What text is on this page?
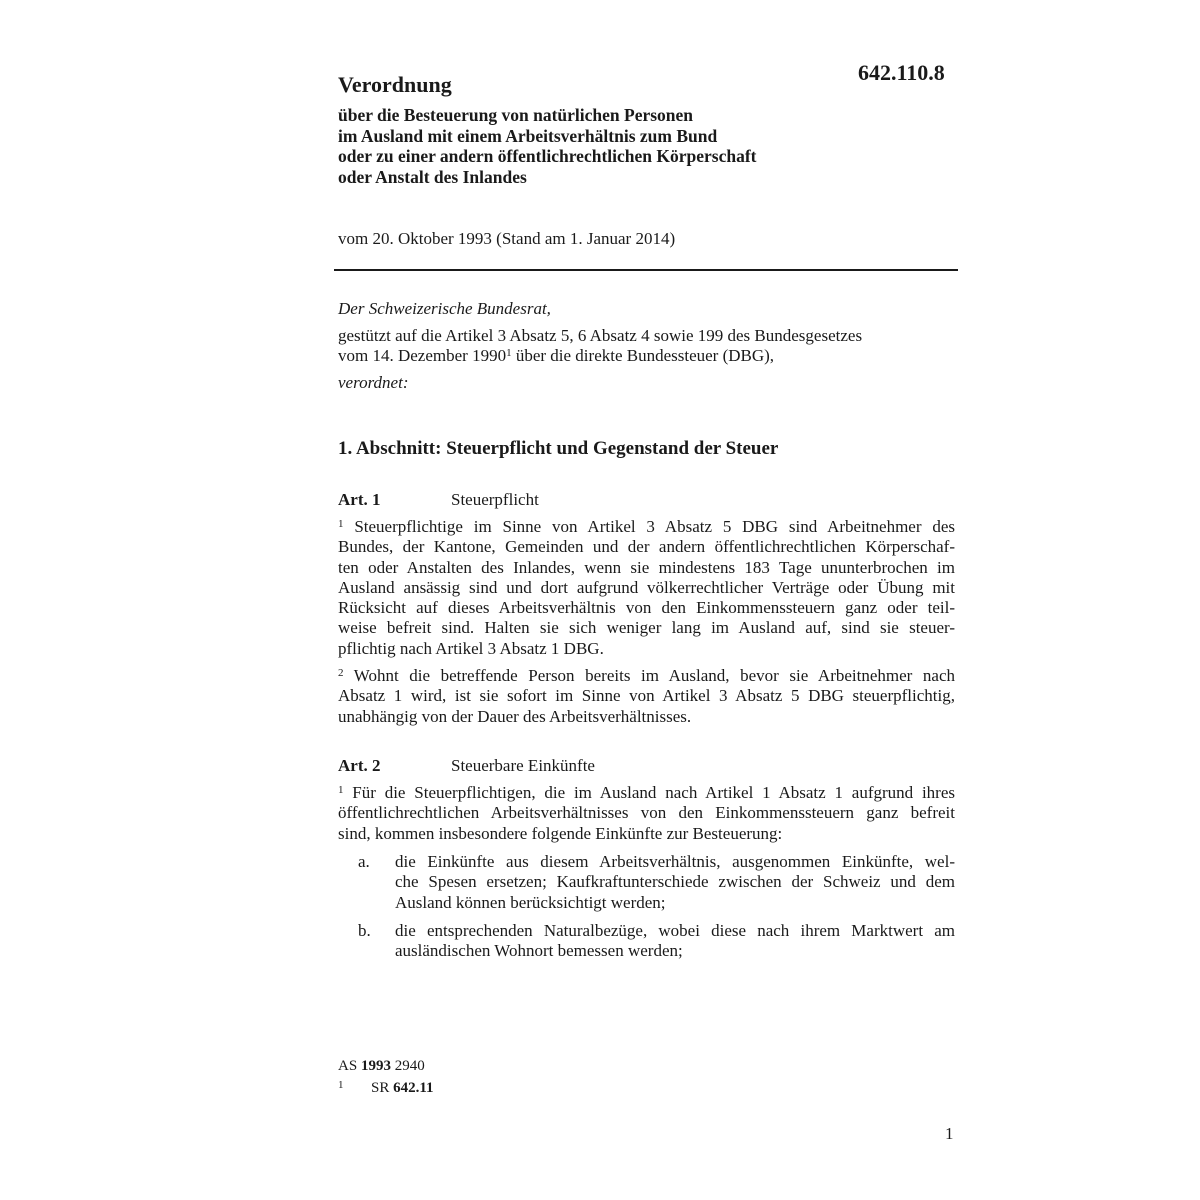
642.110.8
Verordnung
über die Besteuerung von natürlichen Personen
im Ausland mit einem Arbeitsverhältnis zum Bund
oder zu einer andern öffentlichrechtlichen Körperschaft
oder Anstalt des Inlandes

vom 20. Oktober 1993 (Stand am 1. Januar 2014)

Der Schweizerische Bundesrat,
gestützt auf die Artikel 3 Absatz 5, 6 Absatz 4 sowie 199 des Bundesgesetzes
vom 14. Dezember 1990$^1$ über die direkte Bundessteuer (DBG),
verordnet:
1. Abschnitt: Steuerpflicht und Gegenstand der Steuer
Art. 1	Steuerpflicht
$^1$ Steuerpflichtige im Sinne von Artikel 3 Absatz 5 DBG sind Arbeitnehmer des
Bundes, der Kantone, Gemeinden und der andern öffentlichrechtlichen Körperschaf-
ten oder Anstalten des Inlandes, wenn sie mindestens 183 Tage ununterbrochen im
Ausland ansässig sind und dort aufgrund völkerrechtlicher Verträge oder Übung mit
Rücksicht auf dieses Arbeitsverhältnis von den Einkommenssteuern ganz oder teil-
weise befreit sind. Halten sie sich weniger lang im Ausland auf, sind sie steuer-
pflichtig nach Artikel 3 Absatz 1 DBG.
$^2$ Wohnt die betreffende Person bereits im Ausland, bevor sie Arbeitnehmer nach
Absatz 1 wird, ist sie sofort im Sinne von Artikel 3 Absatz 5 DBG steuerpflichtig,
unabhängig von der Dauer des Arbeitsverhältnisses.
Art. 2	Steuerbare Einkünfte
$^1$ Für die Steuerpflichtigen, die im Ausland nach Artikel 1 Absatz 1 aufgrund ihres
öffentlichrechtlichen Arbeitsverhältnisses von den Einkommenssteuern ganz befreit
sind, kommen insbesondere folgende Einkünfte zur Besteuerung:
a. die Einkünfte aus diesem Arbeitsverhältnis, ausgenommen Einkünfte, wel-
che Spesen ersetzen; Kaufkraftunterschiede zwischen der Schweiz und dem
Ausland können berücksichtigt werden;
b. die entsprechenden Naturalbezüge, wobei diese nach ihrem Marktwert am
ausländischen Wohnort bemessen werden;
AS 1993 2940
1 SR 642.11
1
